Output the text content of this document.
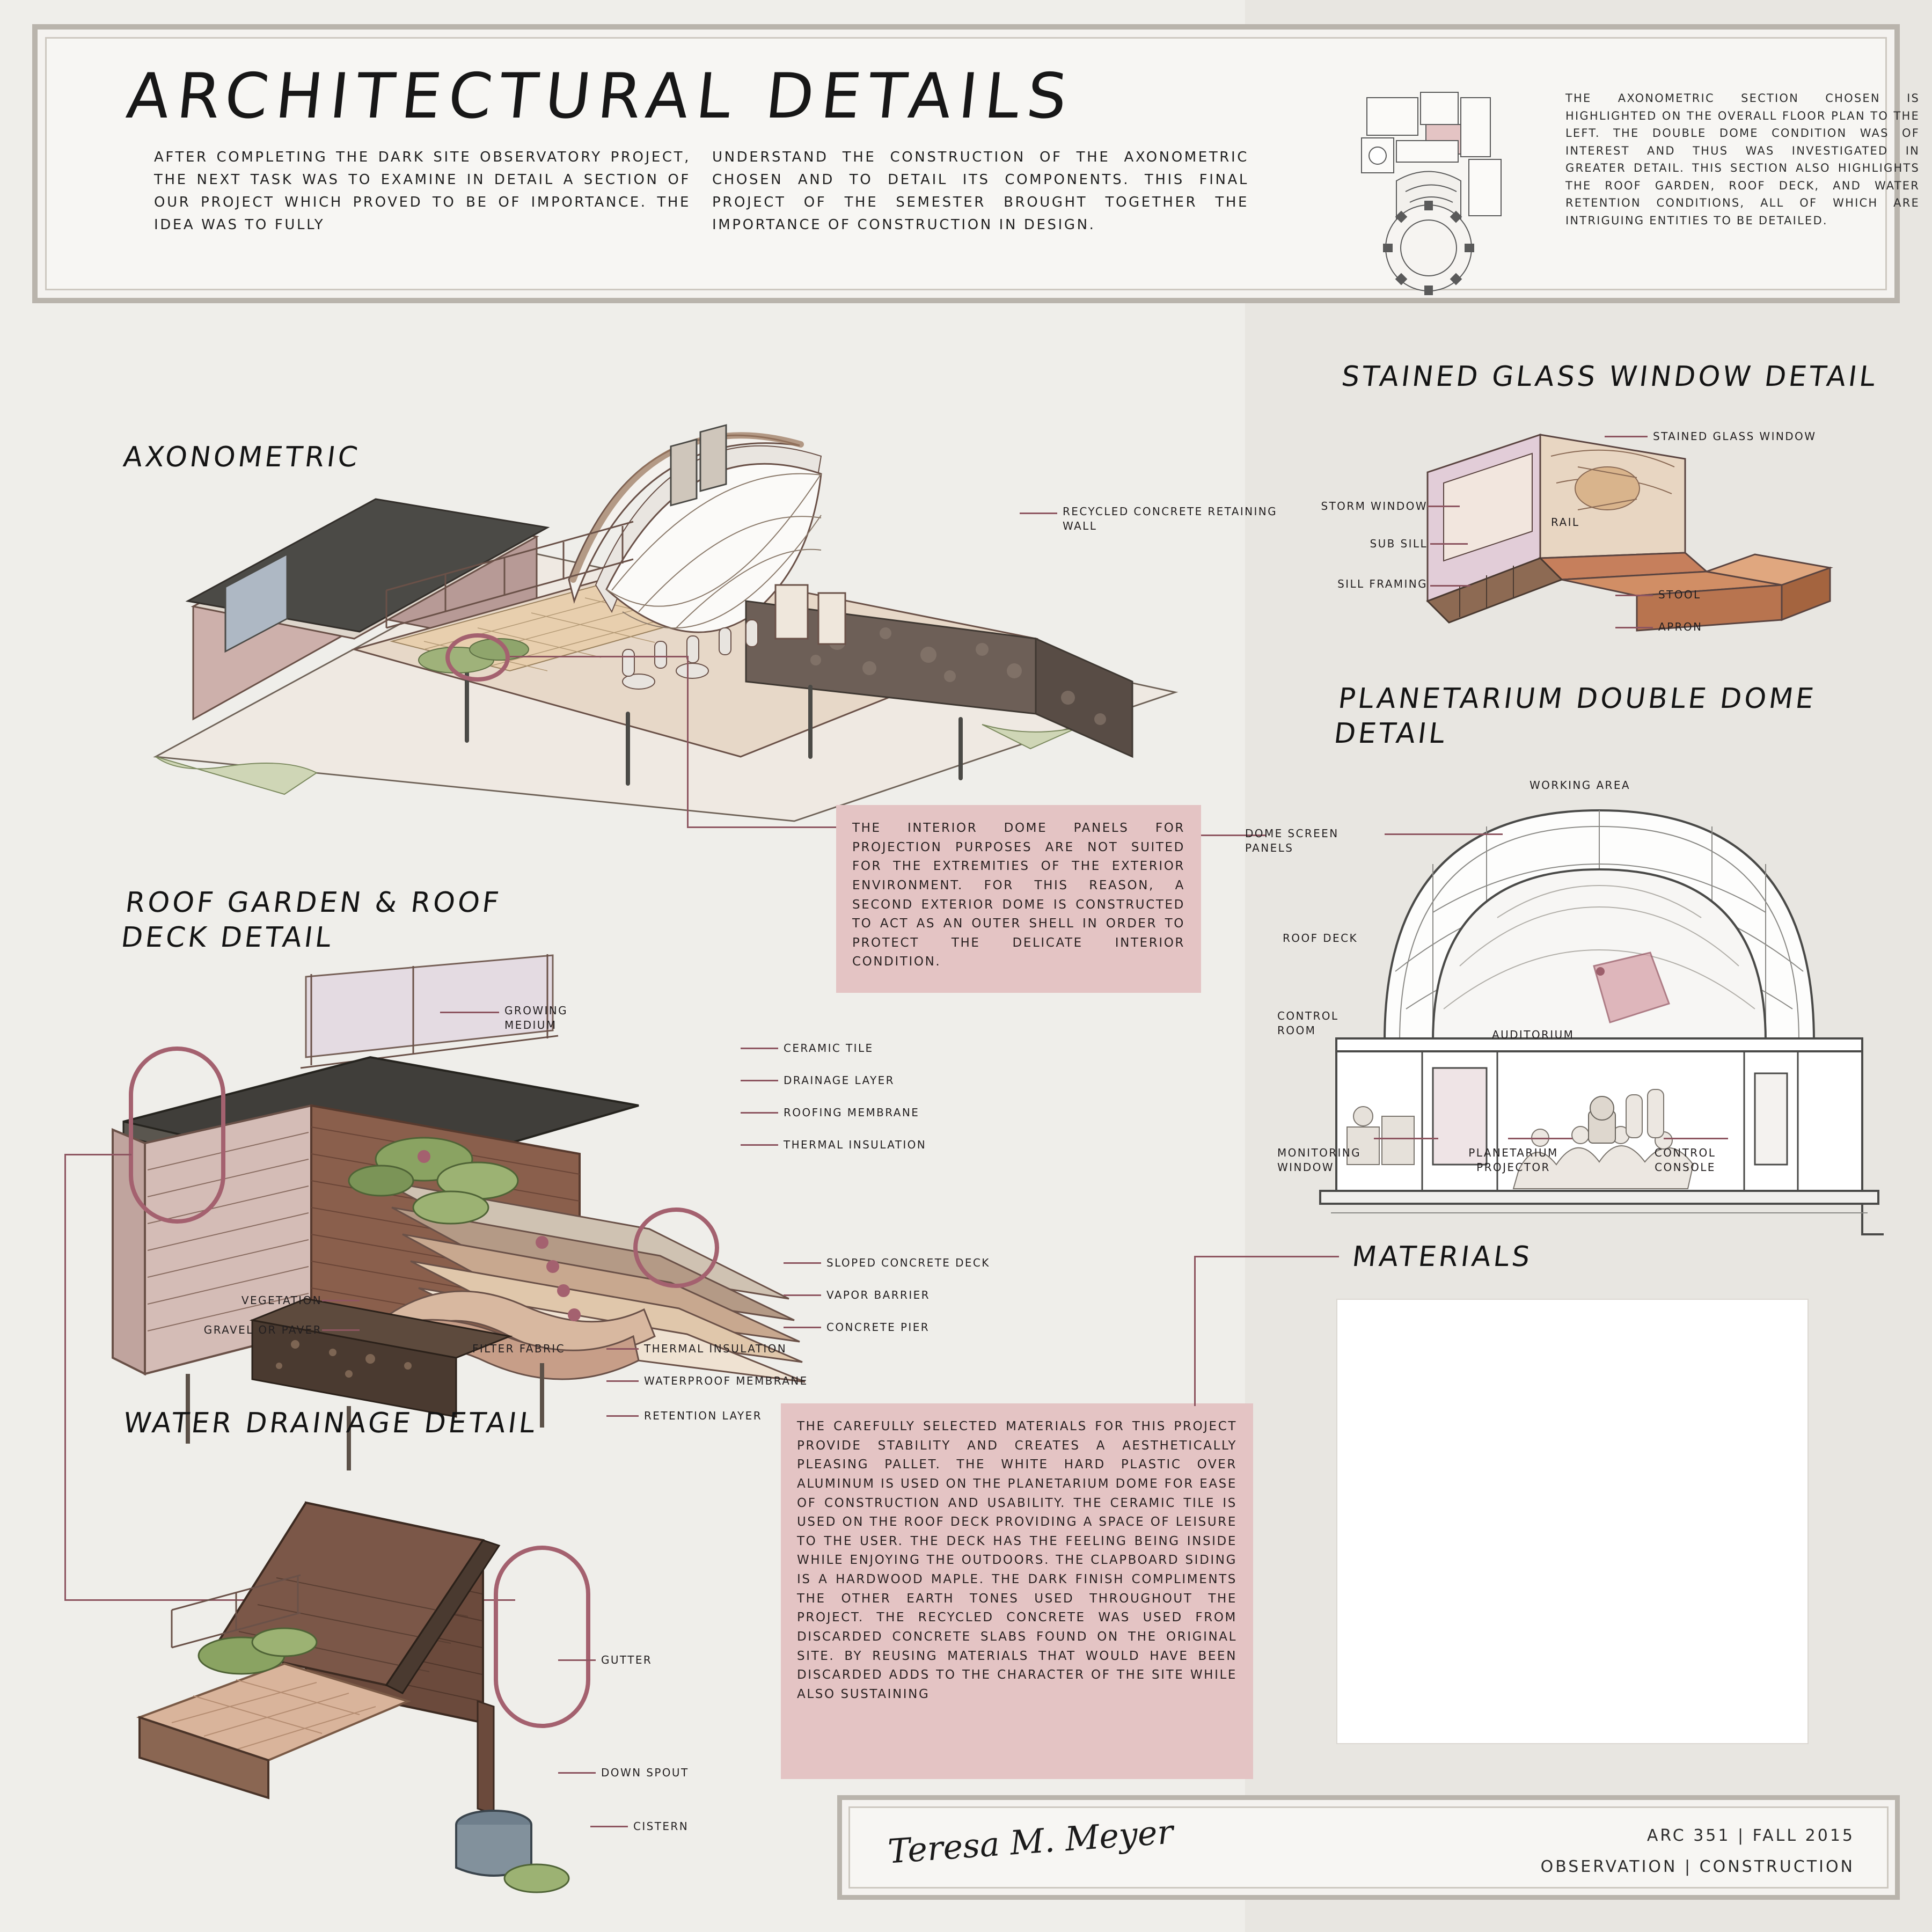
ARCHITECTURAL DETAILS
AFTER COMPLETING THE DARK SITE OBSERVATORY PROJECT, THE NEXT TASK WAS TO EXAMINE IN DETAIL A SECTION OF OUR PROJECT WHICH PROVED TO BE OF IMPORTANCE. THE IDEA WAS TO FULLY
UNDERSTAND THE CONSTRUCTION OF THE AXONOMETRIC CHOSEN AND TO DETAIL ITS COMPONENTS. THIS FINAL PROJECT OF THE SEMESTER BROUGHT TOGETHER THE IMPORTANCE OF CONSTRUCTION IN DESIGN.
THE AXONOMETRIC SECTION CHOSEN IS HIGHLIGHTED ON THE OVERALL FLOOR PLAN TO THE LEFT. THE DOUBLE DOME CONDITION WAS OF INTEREST AND THUS WAS INVESTIGATED IN GREATER DETAIL. THIS SECTION ALSO HIGHLIGHTS THE ROOF GARDEN, ROOF DECK, AND WATER RETENTION CONDITIONS, ALL OF WHICH ARE INTRIGUING ENTITIES TO BE DETAILED.
AXONOMETRIC
RECYCLED CONCRETE RETAINING WALL
THE INTERIOR DOME PANELS FOR PROJECTION PURPOSES ARE NOT SUITED FOR THE EXTREMITIES OF THE EXTERIOR ENVIRONMENT. FOR THIS REASON, A SECOND EXTERIOR DOME IS CONSTRUCTED TO ACT AS AN OUTER SHELL IN ORDER TO PROTECT THE DELICATE INTERIOR CONDITION.
STAINED GLASS WINDOW DETAIL
STAINED GLASS WINDOW
STORM WINDOW
SUB SILL
SILL FRAMING
RAIL
STOOL
APRON
PLANETARIUM DOUBLE DOME DETAIL
DOME SCREEN PANELS
WORKING AREA
ROOF DECK
CONTROL ROOM	AUDITORIUM
MONITORING WINDOW
PLANETARIUM PROJECTOR
CONTROL CONSOLE
ROOF GARDEN & ROOF DECK DETAIL
GROWING MEDIUM
CERAMIC TILE
DRAINAGE LAYER
ROOFING MEMBRANE
THERMAL INSULATION
SLOPED CONCRETE DECK
VAPOR BARRIER
CONCRETE PIER
THERMAL INSULATION
WATERPROOF MEMBRANE
RETENTION LAYER
VEGETATION
GRAVEL OR PAVER
FILTER FABRIC
WATER DRAINAGE DETAIL
GUTTER
DOWN SPOUT
CISTERN
MATERIALS
THE CAREFULLY SELECTED MATERIALS FOR THIS PROJECT PROVIDE STABILITY AND CREATES A AESTHETICALLY PLEASING PALLET. THE WHITE HARD PLASTIC OVER ALUMINUM IS USED ON THE PLANETARIUM DOME FOR EASE OF CONSTRUCTION AND USABILITY. THE CERAMIC TILE IS USED ON THE ROOF DECK PROVIDING A SPACE OF LEISURE TO THE USER. THE DECK HAS THE FEELING BEING INSIDE WHILE ENJOYING THE OUTDOORS. THE CLAPBOARD SIDING IS A HARDWOOD MAPLE. THE DARK FINISH COMPLIMENTS THE OTHER EARTH TONES USED THROUGHOUT THE PROJECT. THE RECYCLED CONCRETE WAS USED FROM DISCARDED CONCRETE SLABS FOUND ON THE ORIGINAL SITE. BY REUSING MATERIALS THAT WOULD HAVE BEEN DISCARDED ADDS TO THE CHARACTER OF THE SITE WHILE ALSO SUSTAINING
Teresa M. Meyer	ARC 351 | FALL 2015
OBSERVATION | CONSTRUCTION
